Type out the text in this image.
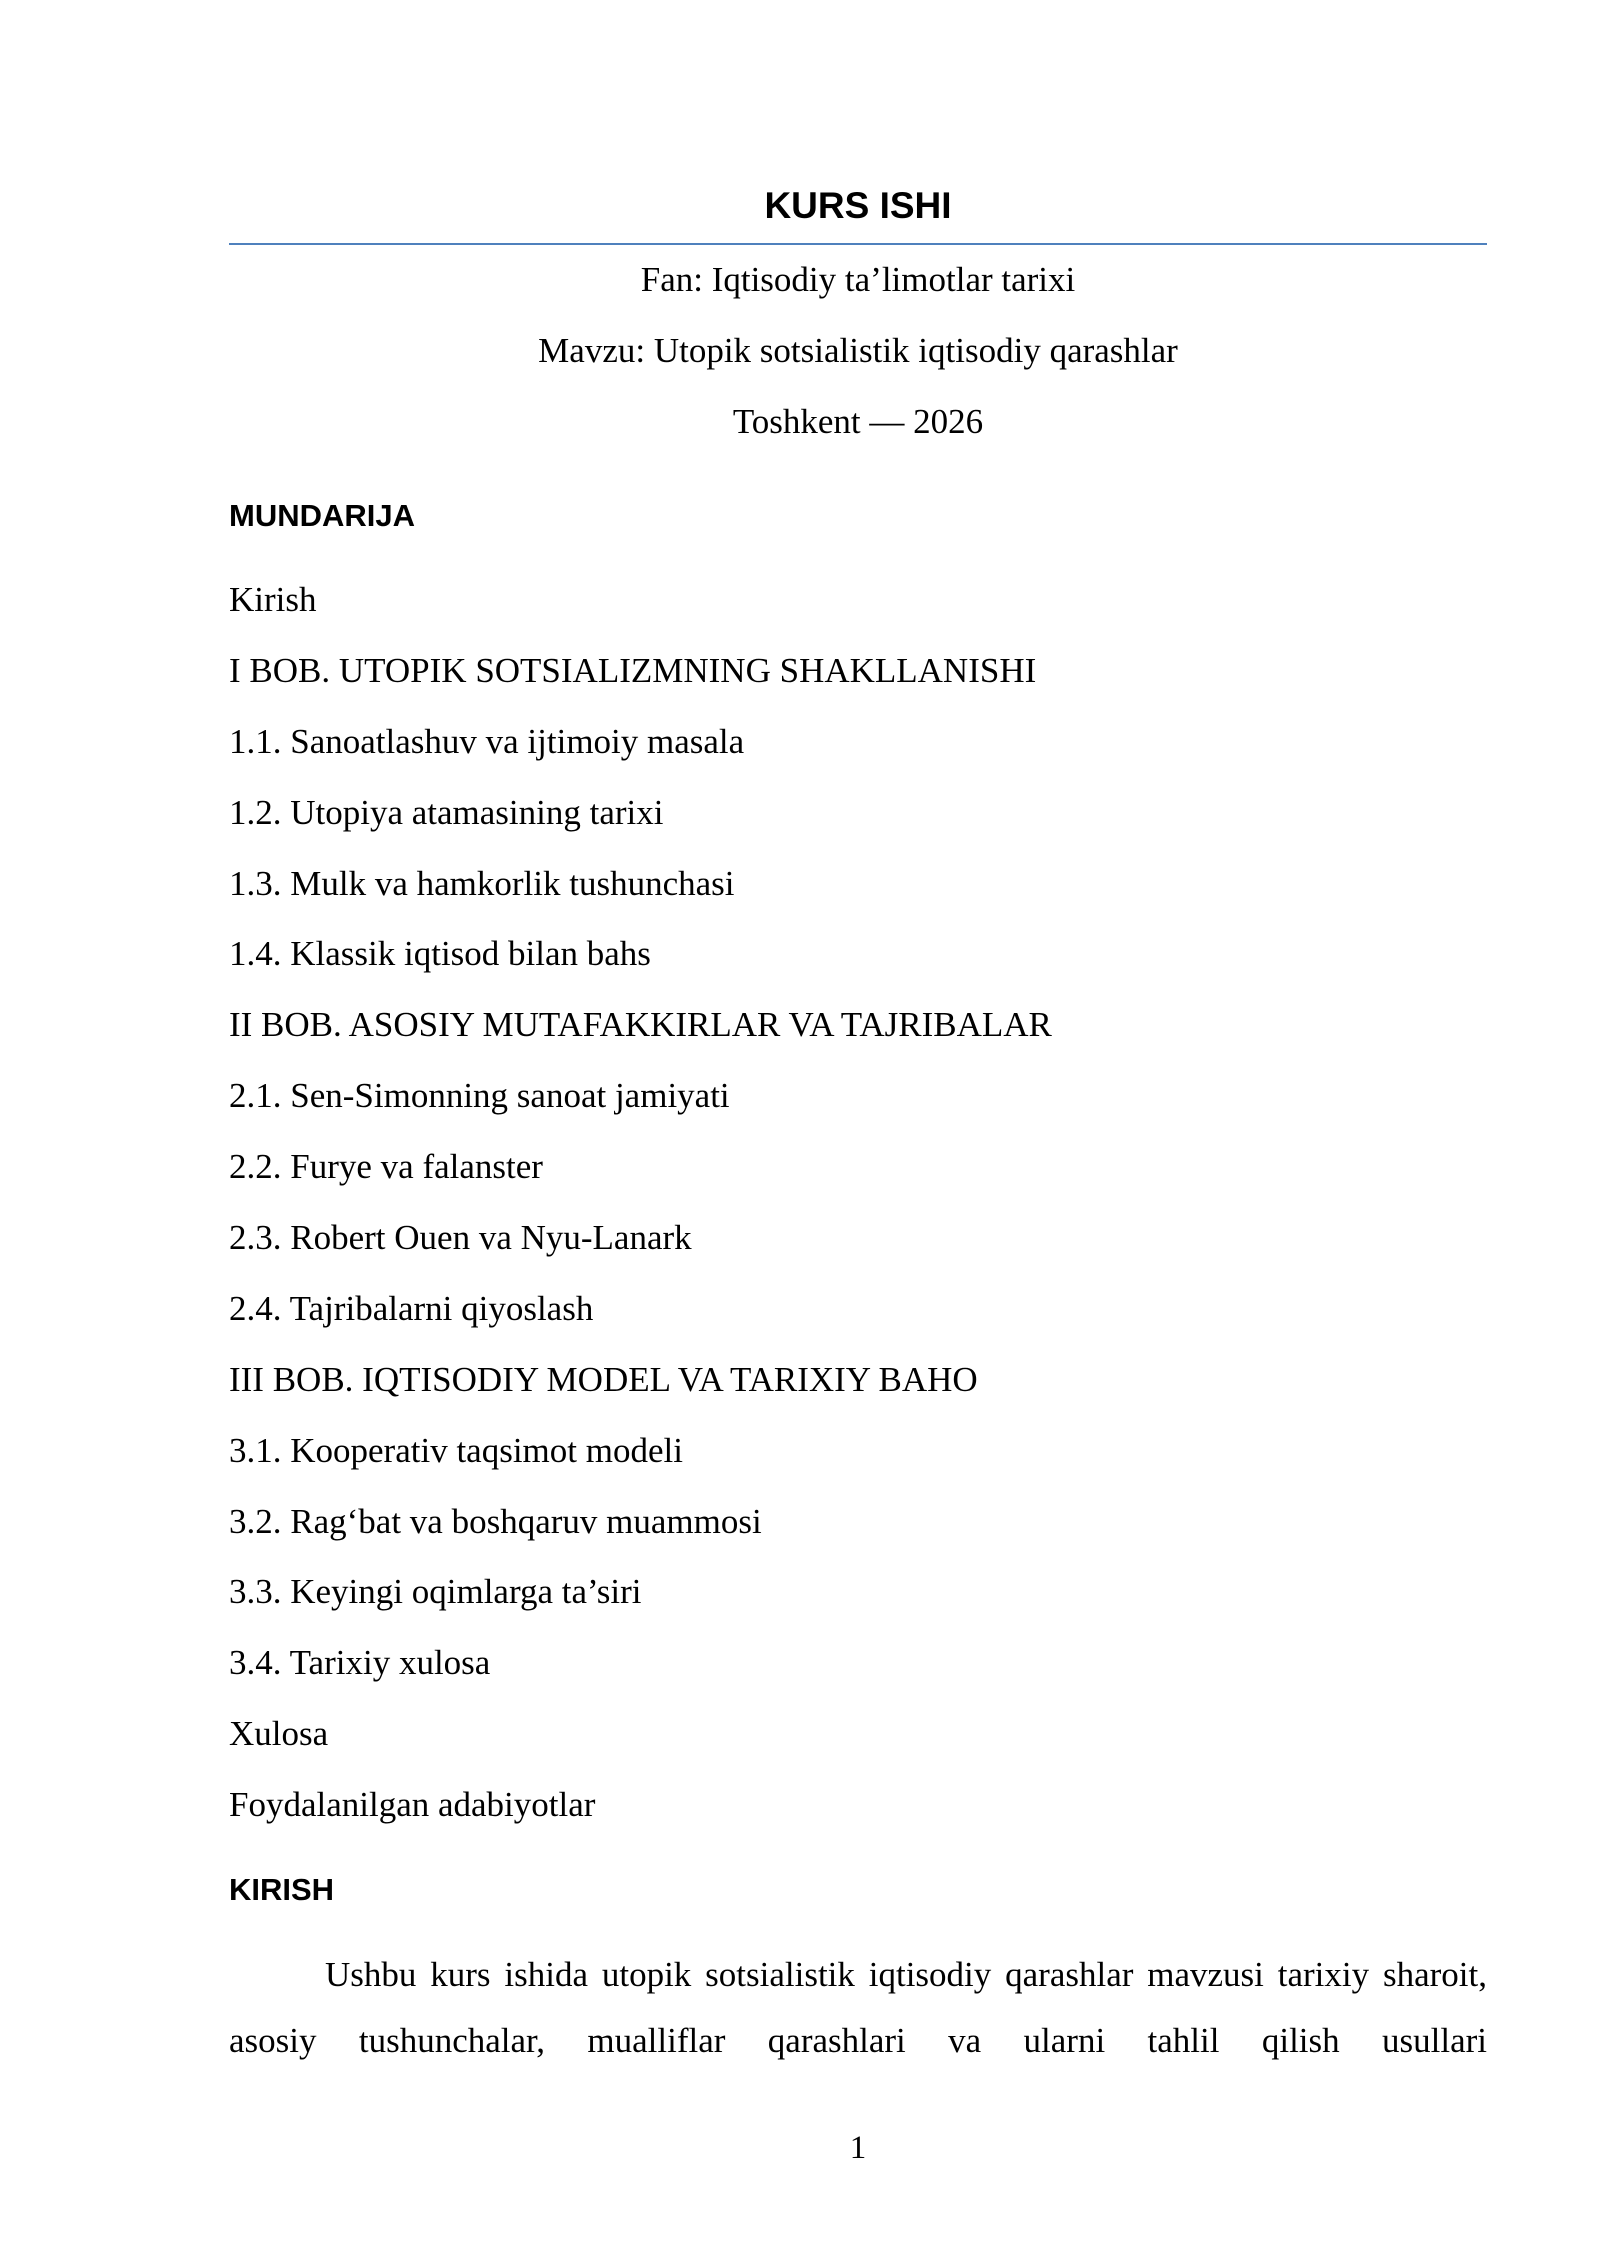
KURS ISHI
Fan: Iqtisodiy ta’limotlar tarixi
Mavzu: Utopik sotsialistik iqtisodiy qarashlar
Toshkent — 2026
MUNDARIJA
Kirish
I BOB. UTOPIK SOTSIALIZMNING SHAKLLANISHI
1.1. Sanoatlashuv va ijtimoiy masala
1.2. Utopiya atamasining tarixi
1.3. Mulk va hamkorlik tushunchasi
1.4. Klassik iqtisod bilan bahs
II BOB. ASOSIY MUTAFAKKIRLAR VA TAJRIBALAR
2.1. Sen-Simonning sanoat jamiyati
2.2. Furye va falanster
2.3. Robert Ouen va Nyu-Lanark
2.4. Tajribalarni qiyoslash
III BOB. IQTISODIY MODEL VA TARIXIY BAHO
3.1. Kooperativ taqsimot modeli
3.2. Rag‘bat va boshqaruv muammosi
3.3. Keyingi oqimlarga ta’siri
3.4. Tarixiy xulosa
Xulosa
Foydalanilgan adabiyotlar
KIRISH

Ushbu kurs ishida utopik sotsialistik iqtisodiy qarashlar mavzusi tarixiy sharoit, asosiy tushunchalar, mualliflar qarashlari va ularni tahlil qilish usullari

1
